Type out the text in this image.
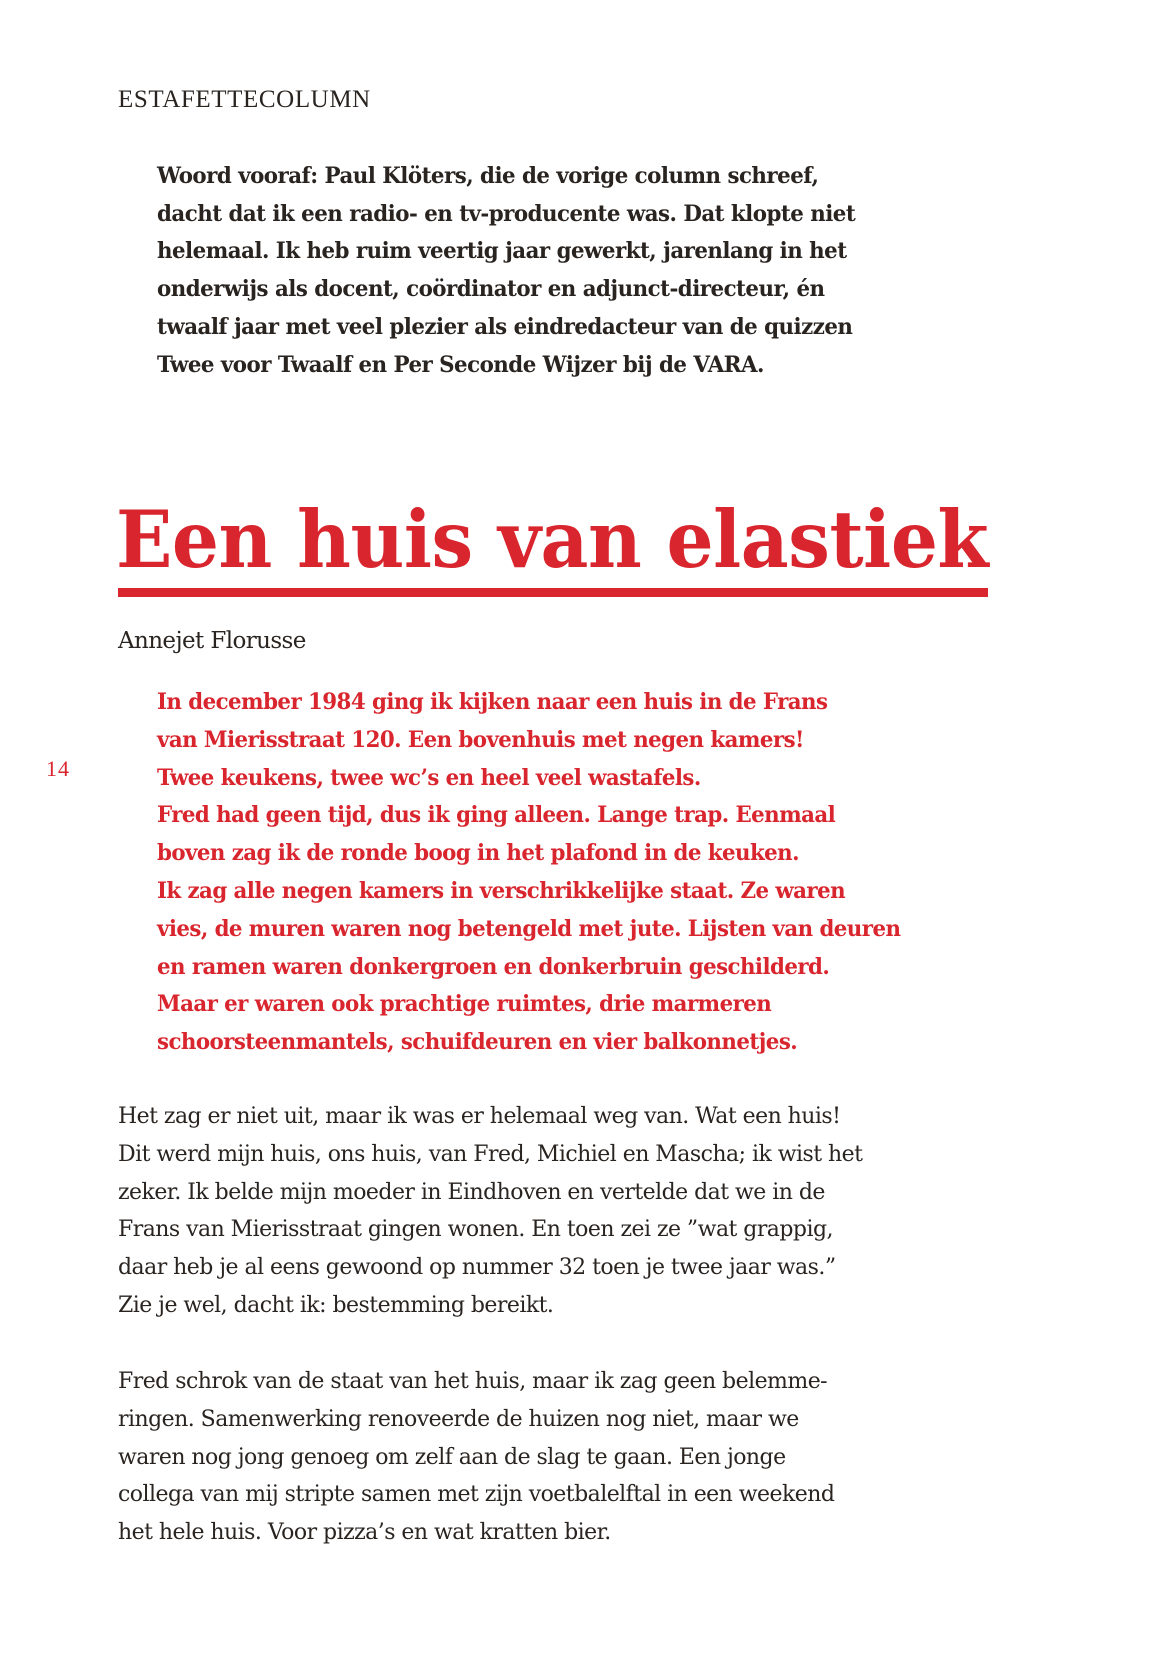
ESTAFETTECOLUMN
Woord vooraf: Paul Klöters, die de vorige column schreef,
dacht dat ik een radio- en tv-producente was. Dat klopte niet
helemaal. Ik heb ruim veertig jaar gewerkt, jarenlang in het
onderwijs als docent, coördinator en adjunct-directeur, én
twaalf jaar met veel plezier als eindredacteur van de quizzen
Twee voor Twaalf en Per Seconde Wijzer bij de VARA.
Een huis van elastiek
Annejet Florusse
14
In december 1984 ging ik kijken naar een huis in de Frans
van Mierisstraat 120. Een bovenhuis met negen kamers!
Twee keukens, twee wc’s en heel veel wastafels.
Fred had geen tijd, dus ik ging alleen. Lange trap. Eenmaal
boven zag ik de ronde boog in het plafond in de keuken.
Ik zag alle negen kamers in verschrikkelijke staat. Ze waren
vies, de muren waren nog betengeld met jute. Lijsten van deuren
en ramen waren donkergroen en donkerbruin geschilderd.
Maar er waren ook prachtige ruimtes, drie marmeren
schoorsteenmantels, schuifdeuren en vier balkonnetjes.
Het zag er niet uit, maar ik was er helemaal weg van. Wat een huis!
Dit werd mijn huis, ons huis, van Fred, Michiel en Mascha; ik wist het
zeker. Ik belde mijn moeder in Eindhoven en vertelde dat we in de
Frans van Mierisstraat gingen wonen. En toen zei ze ”wat grappig,
daar heb je al eens gewoond op nummer 32 toen je twee jaar was.”
Zie je wel, dacht ik: bestemming bereikt.
Fred schrok van de staat van het huis, maar ik zag geen belemme-
ringen. Samenwerking renoveerde de huizen nog niet, maar we
waren nog jong genoeg om zelf aan de slag te gaan. Een jonge
collega van mij stripte samen met zijn voetbalelftal in een weekend
het hele huis. Voor pizza’s en wat kratten bier.
